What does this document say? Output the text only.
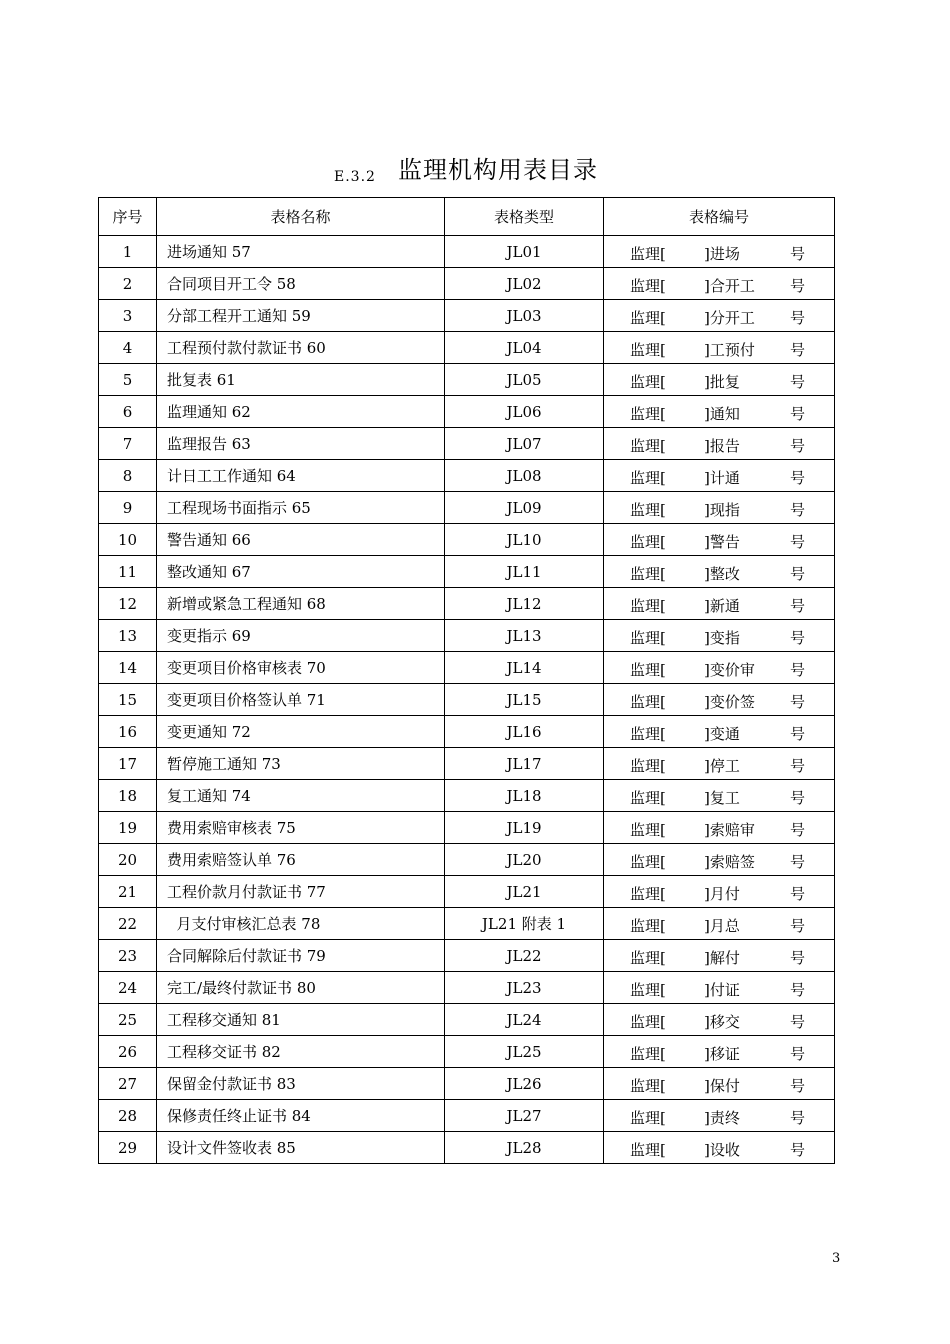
E.3.2 监理机构用表目录
序号	表格名称	表格类型	表格编号
1	进场通知 57	JL01	监理[ ]进场 号

2	合同项目开工令 58	JL02	监理[ ]合开工 号

3	分部工程开工通知 59	JL03	监理[ ]分开工 号

4	工程预付款付款证书 60	JL04	监理[ ]工预付 号

5	批复表 61	JL05	监理[ ]批复 号

6	监理通知 62	JL06	监理[ ]通知 号

7	监理报告 63	JL07	监理[ ]报告 号

8	计日工工作通知 64	JL08	监理[ ]计通 号

9	工程现场书面指示 65	JL09	监理[ ]现指 号

10	警告通知 66	JL10	监理[ ]警告 号

11	整改通知 67	JL11	监理[ ]整改 号

12	新增或紧急工程通知 68	JL12	监理[ ]新通 号

13	变更指示 69	JL13	监理[ ]变指 号

14	变更项目价格审核表 70	JL14	监理[ ]变价审 号

15	变更项目价格签认单 71	JL15	监理[ ]变价签 号

16	变更通知 72	JL16	监理[ ]变通 号

17	暂停施工通知 73	JL17	监理[ ]停工 号

18	复工通知 74	JL18	监理[ ]复工 号

19	费用索赔审核表 75	JL19	监理[ ]索赔审 号

20	费用索赔签认单 76	JL20	监理[ ]索赔签 号

21	工程价款月付款证书 77	JL21	监理[ ]月付 号

22	月支付审核汇总表 78	JL21 附表 1	监理[ ]月总 号

23	合同解除后付款证书 79	JL22	监理[ ]解付 号

24	完工/最终付款证书 80	JL23	监理[ ]付证 号

25	工程移交通知 81	JL24	监理[ ]移交 号

26	工程移交证书 82	JL25	监理[ ]移证 号

27	保留金付款证书 83	JL26	监理[ ]保付 号

28	保修责任终止证书 84	JL27	监理[ ]责终 号

29	设计文件签收表 85	JL28	监理[ ]设收 号
3
